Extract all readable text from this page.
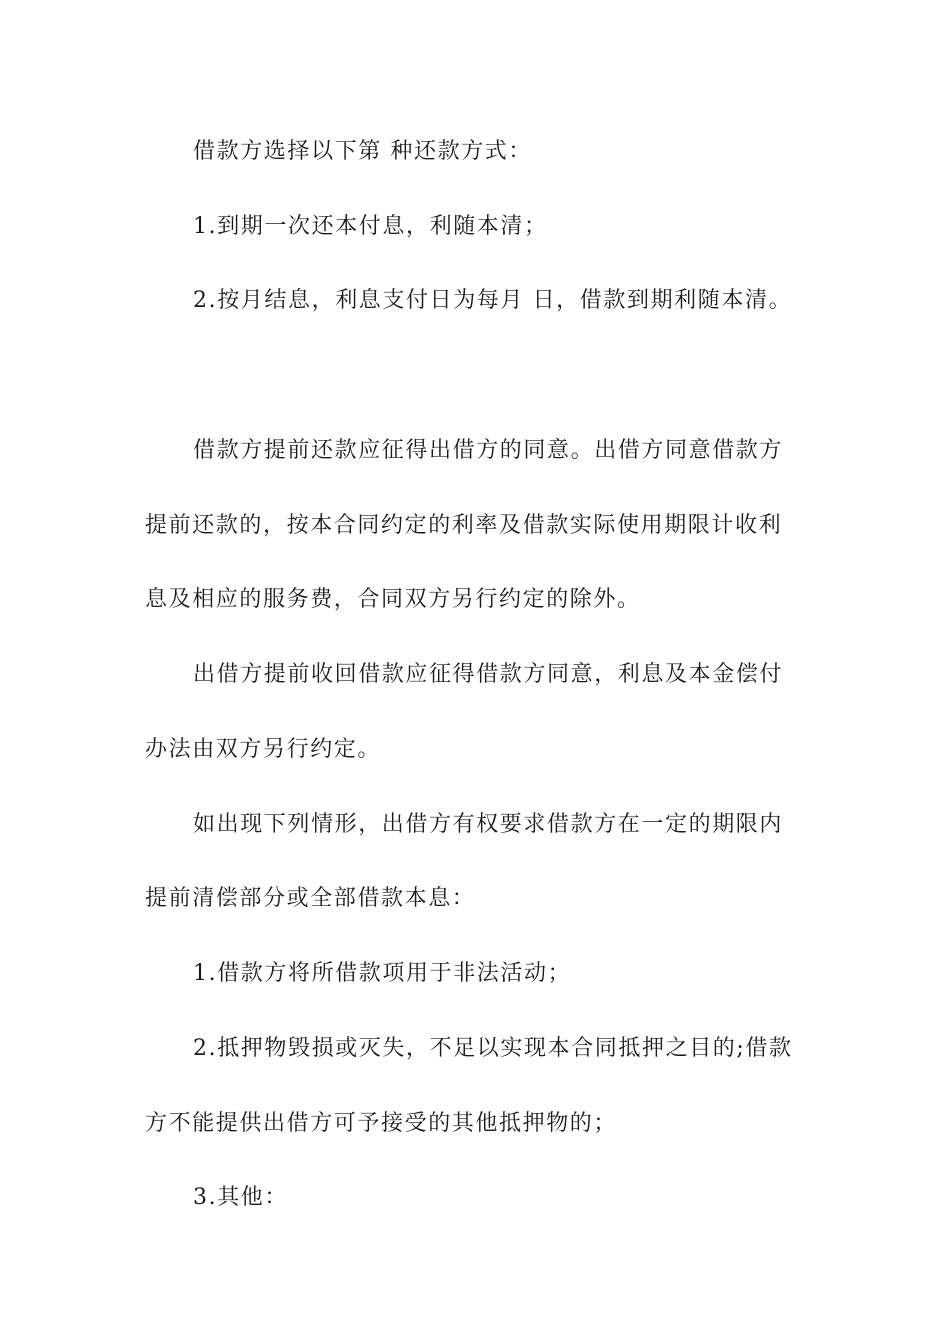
借款方选择以下第 种还款方式：
1.到期一次还本付息，利随本清；
2.按月结息，利息支付日为每月 日，借款到期利随本清。
借款方提前还款应征得出借方的同意。出借方同意借款方
提前还款的，按本合同约定的利率及借款实际使用期限计收利
息及相应的服务费，合同双方另行约定的除外。
出借方提前收回借款应征得借款方同意，利息及本金偿付
办法由双方另行约定。
如出现下列情形，出借方有权要求借款方在一定的期限内
提前清偿部分或全部借款本息：
1.借款方将所借款项用于非法活动；
2.抵押物毁损或灭失，不足以实现本合同抵押之目的;借款
方不能提供出借方可予接受的其他抵押物的；
3.其他：
